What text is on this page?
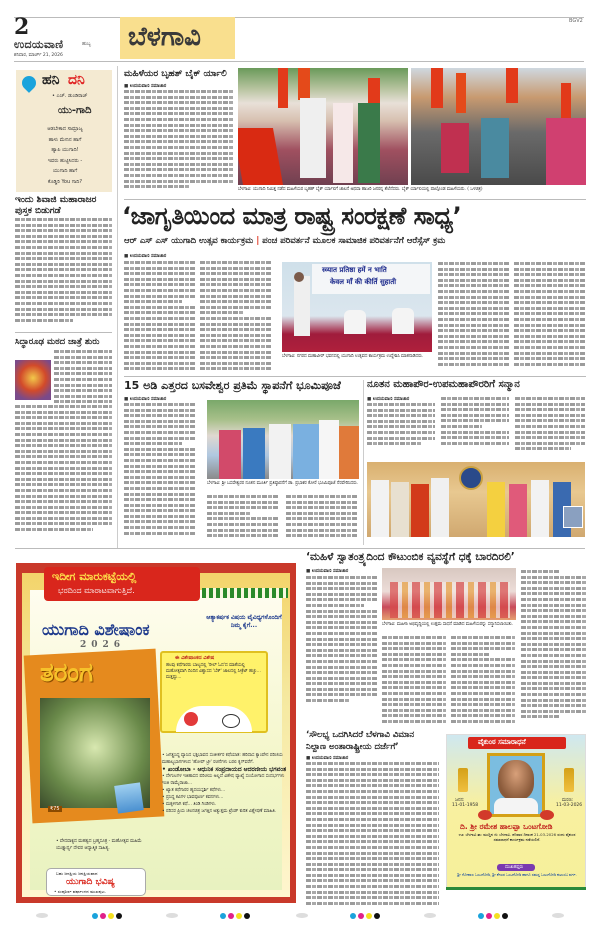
2
ಉದಯವಾಣಿ	ಹುಬ್ಬ
ಶನಿವಾರ, ಮಾರ್ಚ್ 21, 2026
ಬೆಳಗಾವಿ
BGV2
ಹನಿ ದನಿ
• ಎಚ್. ಡುಂಡಿರಾಜ್
ಯು-ಗಾದಿ
ಆಡಬೇಕಾದ ಸಾಮ್ರಾಜ್ಯ
ಹಾಳು ಮೇನಿನ ಹಾಗೆ
ಹ್ಯಾಪಿ ಯುಗಾದಿ!
ಇವರು ಹುಟ್ಟಿಸಿದರು -
ಯುಗಾದಿ ಹಾಗೆ
ಕೊಡ್ಡಿರಿ You ಗಾದಿ?
ಇಂದು ಶಿವಾಜಿ ಮಹಾರಾಜರ
ಪುಸ್ತಕ ಬಿಡುಗಡೆ
ಸಿದ್ಧಾರೂಢ ಮಠದ ಜಾತ್ರೆ ಶುರು
ಮಹಿಳೆಯರ ಬೃಹತ್ ಬೈಕ್ ರ್ಯಾಲಿ
■ ಉದಯವಾಣಿ ಸಮಾಚಾರ
ಬೆಳಗಾವಿ: ಯುಗಾದಿ ನಿಮಿತ್ತ ನಡೆದ ಮಹಿಳೆಯರ ಬೃಹತ್ ಬೈಕ್ ರ್ಯಾಲಿಗೆ ಚಾಲನೆ ಅಥವಾ ಹಾಜರಿ ಜನರನ್ನ ಶೆಲೆನೆದರು. ಬೈಕ್ ರ್ಯಾಲಿಯಲ್ಲಿ ಪಾಲ್ಗೊಂಡ ಮಹಿಳೆಯರು. ( ಒಳಚಿತ್ರ)
‘ಜಾಗೃತಿಯಿಂದ ಮಾತ್ರ ರಾಷ್ಟ್ರ ಸಂರಕ್ಷಣೆ ಸಾಧ್ಯ’
ಆರ್ ಎಸ್ ಎಸ್ ಯುಗಾದಿ ಉತ್ಸವ ಕಾರ್ಯಕ್ರಮ | ಪಂಚ ಪರಿವರ್ತನೆ ಮೂಲಕ ಸಾಮಾಜಿಕ ಪರಿವರ್ತನೆಗೆ ಆರೆಸ್ಸೆಸ್ ಕ್ರಮ
■ ಉದಯವಾಣಿ ಸಮಾಚಾರ
स्व्यात प्रतिष्ठा हमें न भाति
केवल माँ की कीर्ति सुहाती
ಬೆಳಗಾವಿ: ನಗರದ ಮಹಾವೀರ್ ಭವನದಲ್ಲಿ ಯುಗಾದಿ ಉತ್ಸವದ ಕಾರ್ಯಕ್ರಮ ಉದ್ದೇಶಿಸಿ ಮಾತನಾಡಿದರು.
15 ಅಡಿ ಎತ್ತರದ ಬಸವೇಶ್ವರ ಪ್ರತಿಮೆ ಸ್ಥಾಪನೆಗೆ ಭೂಮಿಪೂಜೆ
■ ಉದಯವಾಣಿ ಸಮಾಚಾರ
ಬೆಳಗಾವಿ: ಶ್ರೀ ಬಸವೇಶ್ವರರ ನೂತನ ಮೂರ್ತಿ ಪ್ರತಿಷ್ಠಾಪನೆಗೆ ಡಾ. ಪ್ರಭಾಕರ ಕೋರೆ ಭೂಮಿಪೂಜೆ ನೆರವೇರಿಸಿದರು.
ನೂತನ ಮಹಾಪೌರ-ಉಪಮಹಾಪೌರರಿಗೆ ಸನ್ಮಾನ
■ ಉದಯವಾಣಿ ಸಮಾಚಾರ
ಇದೀಗ ಮಾರುಕಟ್ಟೆಯಲ್ಲಿ
ಭರದಿಂದ ಮಾರಾಟವಾಗುತ್ತಿದೆ.
ಯುಗಾದಿ ವಿಶೇಷಾಂಕ
2026
ಆತ್ಯಾಕರ್ಷಕ ವಿಷಯ ವೈವಿಧ್ಯಗಳೊಂದಿಗೆ ನಿಮ್ಮ ಕೈಗೆ...
ತರಂಗ
₹75
ಈ ವಿಶೇಷಾಂಕದ ವಿಶೇಷ
ಹಲವು ಕಥೆಗಾರರು ಬಾಲ್ಯದಲ್ಲಿ 'ರೀಲ್ ಓದ'ದ ಮಾತೆಯಲ್ಲಿ ಮಹೋತ್ಸವಾಗಿ ದಿಂದಿನ ವಿಶ್ವಾಸದ 'ಬೆಕ್' ಜಾಲದಲ್ಲಿ ಸೀಕ್ರೆಟ್ ಹಚ್ಚು... ಮತ್ತಷ್ಟು...
• ಜಗತ್ಪ್ರಸಿದ್ಧ ವ್ಯಾಸಿದ ಭಕ್ತಿಭಾವದ ಸಂತೀರ್ತರ ಕಥೆಯಾತ: ಹರಿದಾಸ ಕ್ಯಾಂಪೇನ ಪರಿಚಯ ಮಹಾಲ್ಯಭಾಗಗಳಿಂದ 'ಹೋಪ್ ಟ್ರೀ' ರಚನೆಗಳು ಬರಲಿ ಕೃಗ್‌ವರೆಗೆ.
• ಖಂಡೋಬಾ - ಆಧುನಿಕ ಸಂಪ್ರದಾಯದ ಆದರಣೀಯ ಭಗವಂತ
• ದೇಗುಲಗಳ ಇತಿಹಾಸದ ಪರಿಚಯ ಅಲ್ಲದೆ ವಿಶೇಷ ವ್ಯಾಖ್ಯೆ ಸಂಯೋಗಾದ ಸಂದರ್ಭಗಳು ಇಂತಿ ರಾಮೈರಾಜಾ...
• ಖ್ಯಾತ ಕಥೆಗಾರರ ಹೃದಯಸ್ಪರ್ಶಿ ಕಥೆಗಳು...
• ಪ್ರಸಿದ್ಧ ಕವಿಗಳ ಭಾವಪೂರ್ಣ ಕವನಗಳು...
• ಮಕ್ಕಳಿಗಾಗಿ ಕಥೆ... ತಿಂಡಿ ಗಿಂಡಿಗಳು.
• ಪರಿಸರ ಪ್ರಿಯ ಚಲನಚಿತ್ರ ಜಗತ್ತಿನ ಅತ್ಯುತ್ತಮ ಟ್ರೆಂಡ್ ಕುರಿತ ವಿಶ್ಲೇಷಣೆ ಮಾಹಿತಿ.
• ವೇದವಾಕ್ಯದ ಮಹತ್ವದ ಬ್ರಹ್ಮಸೂತ್ರ - ಮಹೋತ್ಸವ ಮಹಿಮೆ ಯುಕ್ತ್ಯಾರ್ಥ್ಯ ದೇವರ ಆಧ್ಯಾತ್ಮಿಕ ಸಾಹಿತ್ಯ.
ಬಹು ಜನಪ್ರಿಯ ಜನಪ್ರಿಯವಾದ
ಯುಗಾದಿ ಭವಿಷ್ಯ
• ಸಂಪೂರ್ಣ ವರ್ಷಾಂಗದ ಮುಖಪುಟ.
‘ಮಹಿಳೆ ಸ್ವಾತಂತ್ರ್ಯದಿಂದ ಕೌಟುಂಬಿಕ ವ್ಯವಸ್ಥೆಗೆ ಧಕ್ಕೆ ಬಾರದಿರಲಿ’
■ ಉದಯವಾಣಿ ಸಮಾಚಾರ
ಬೆಳಗಾವಿ: ಮಹಿಳಾ ಅಭಿವೃದ್ಧಿಯಲ್ಲಿ ಉತ್ತಮ ಸಾಧನೆ ಮಾಡಿದ ಮಹಿಳೆಯರನ್ನು ಸನ್ಮಾನಿಸಲಾಯಿತು.
‘ಸೌಲಭ್ಯ ಒದಗಿಸಿದರೆ ಬೆಳಗಾವಿ ವಿಮಾನ
ನಿಲ್ದಾಣ ಅಂತಾರಾಷ್ಟ್ರೀಯ ದರ್ಜೆಗೆ’
■ ಉದಯವಾಣಿ ಸಮಾಚಾರ
ವೈಕುಂಠ ಸಮಾರಾಧನೆ
ಜನನ:
11-01-1958
ಮರಣ:
11-03-2026
ದಿ. ಶ್ರೀ ರಮೇಶ ಹಾಲಪ್ಪಾ ಒಂಟಗೋಡಿ
ಊ: ಬೆಳಗಾವಿ ತಾ: ಮುದ್ದಿನ ಜಿ: ಬೆಳಗಾವಿ. ಶನಿವಾರ ದಿನಾಂಕ 21-03-2026 ರಂದು ವೈಕುಂಠ ಸಮಾರಾಧನೆ ಕಾರ್ಯಕ್ರಮ ನಡೆಯಲಿದೆ.
ದುಃಖತಪ್ತರು
ಶ್ರೀ ಗೋಪಾಲ ಒಂಟಗೋಡಿ, ಶ್ರೀ ಶೇಖರ ಒಂಟಗೋಡಿ ಹಾಗೂ ಸಮಸ್ತ ಒಂಟಗೋಡಿ ಕುಟುಂಬ ವರ್ಗ.
